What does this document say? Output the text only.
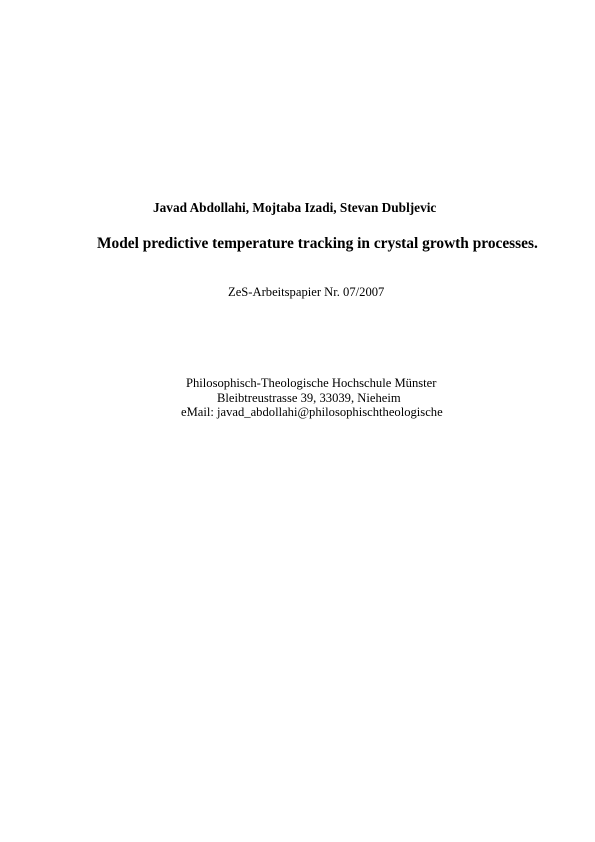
Javad Abdollahi, Mojtaba Izadi, Stevan Dubljevic
Model predictive temperature tracking in crystal growth processes.
ZeS-Arbeitspapier Nr. 07/2007
Philosophisch-Theologische Hochschule Münster
Bleibtreustrasse 39, 33039, Nieheim
eMail: javad_abdollahi@philosophischtheologische
